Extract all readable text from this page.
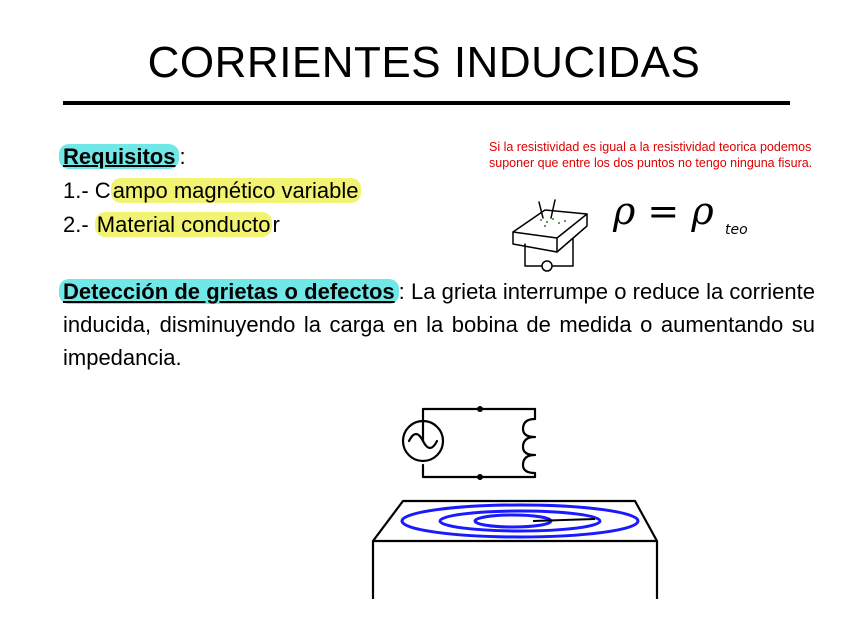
CORRIENTES INDUCIDAS
Requisitos :
1.- Campo magnético variable
2.- Material conductor
Si la resistividad es igual a la resistividad teorica podemos suponer que entre los dos puntos no tengo ninguna fisura.
ρ = ρ teo
Detección de grietas o defectos : La grieta interrumpe o reduce la corriente inducida, disminuyendo la carga en la bobina de medida o aumentando su impedancia.
